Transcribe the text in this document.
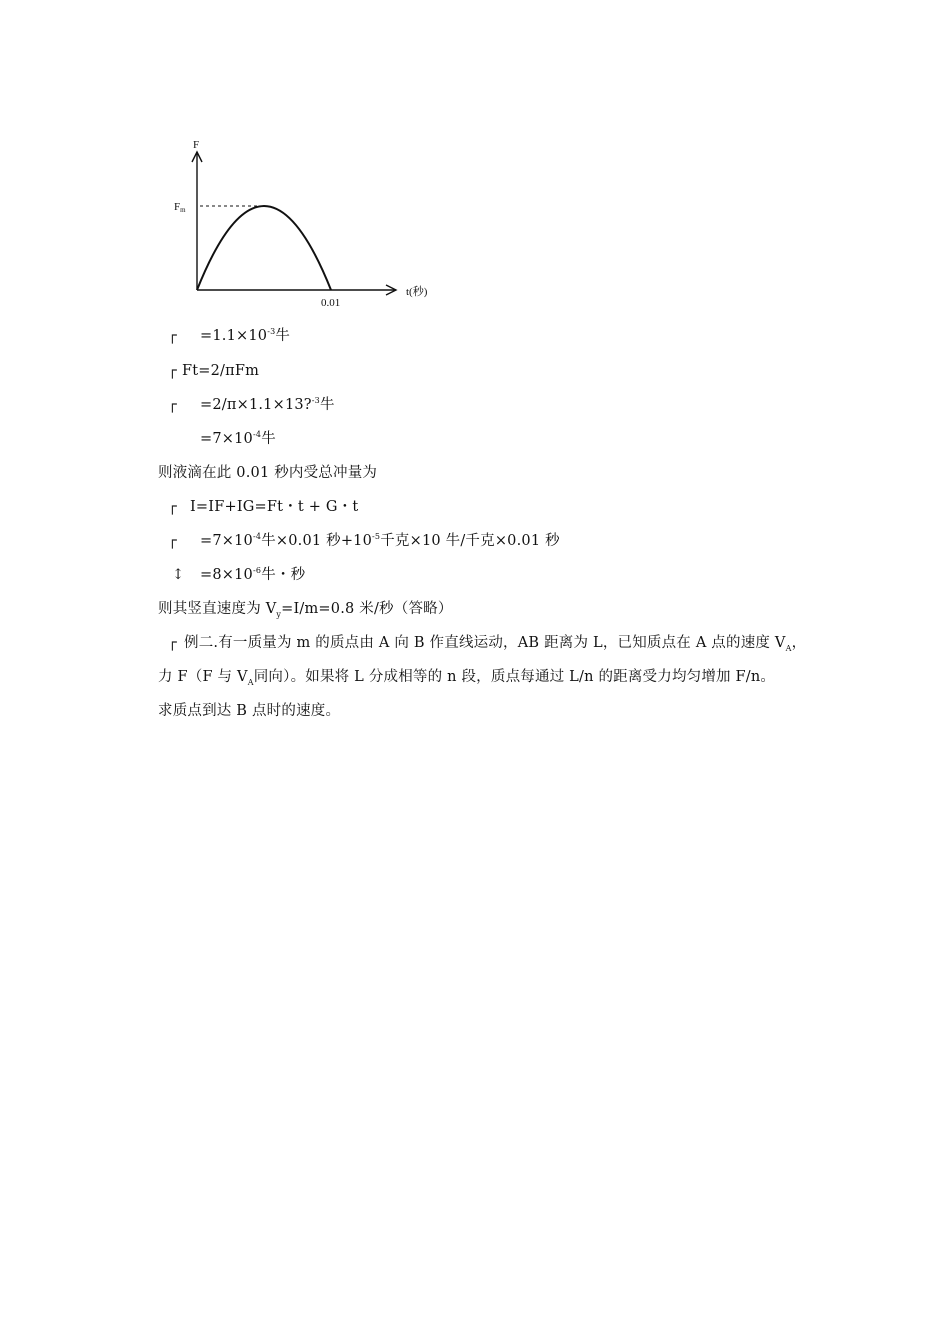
F
Fm
0.01
t(秒)
┌ $=1.1\times 10^{-3}$牛
┌ Ft=2/πFm
┌ =2/π×1.1×13?$^{-3}$牛
$=7\times 10^{-4}$牛
则液滴在此 0.01 秒内受总冲量为
┌ I=IF+IG=Ft・t + G・t
┌ $=7\times 10^{-4}$牛×0.01 秒$+10^{-5}$千克×10 牛/千克×0.01 秒
↕ $=8\times 10^{-6}$牛・秒
则其竖直速度为 $V_y=I/m=0.8$ 米/秒（答略）
┌ 例二.有一质量为 m 的质点由 A 向 B 作直线运动，AB 距离为 L，已知质点在 A 点的速度 $V_A$，
力 F（F 与 $V_A$同向）。如果将 L 分成相等的 n 段，质点每通过 L/n 的距离受力均匀增加 F/n。
求质点到达 B 点时的速度。
